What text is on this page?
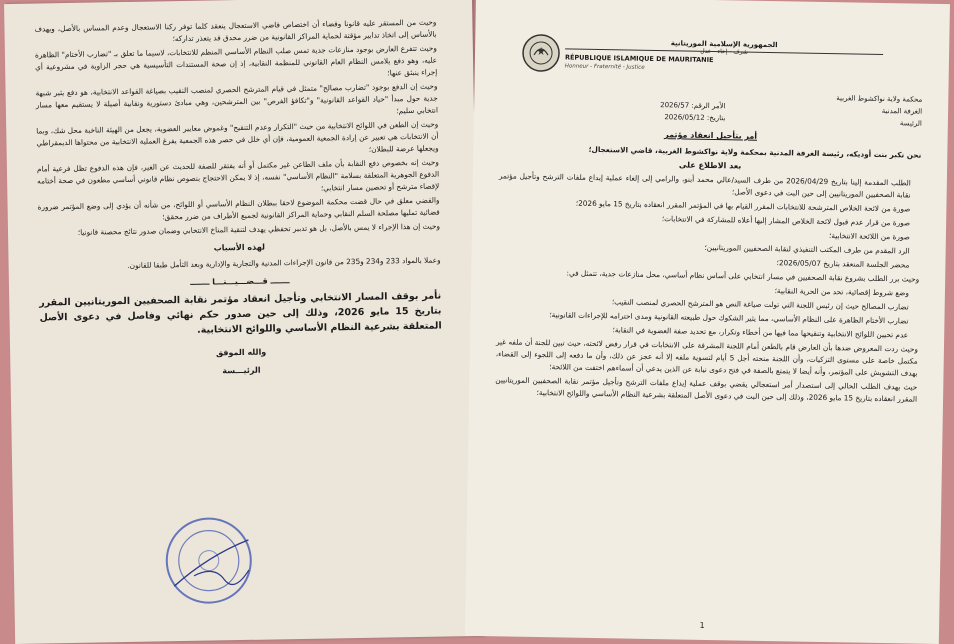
وحيث من المستقر عليه قانونا وقضاء أن اختصاص قاضي الاستعجال ينعقد كلما توفر ركنا الاستعجال وعدم المساس بالأصل، ويهدف بالأساس إلى اتخاذ تدابير مؤقتة لحماية المراكز القانونية من ضرر محدق قد يتعذر تداركه؛

وحيث تتفرع العارض بوجود منازعات جدية تمس صلب النظام الأساسي المنظم للانتخابات، لاسيما ما تعلق بـ "تضارب الأختام" الظاهرة عليه، وهو دفع يلامس النظام العام القانوني للمنظمة النقابية، إذ إن صحة المستندات التأسيسية هي حجر الزاوية في مشروعية أي إجراء ينبثق عنها؛

وحيث إن الدفع بوجود "تضارب مصالح" متمثل في قيام المترشح الحصري لمنصب النقيب بصياغة القواعد الانتخابية، هو دفع يثير شبهة جدية حول مبدأ "حياد القواعد القانونية" و"تكافؤ الفرص" بين المترشحين، وهي مبادئ دستورية ونقابية أصيلة لا يستقيم معها مسار انتخابي سليم؛

وحيث إن الطعن في اللوائح الانتخابية من حيث "التكرار وعدم التنقيح" وغموض معايير العضوية، يجعل من الهيئة الناخبة محل شك، وبما أن الانتخابات هي تعبير عن إرادة الجمعية العمومية، فإن أي خلل في حصر هذه الجمعية يفرغ العملية الانتخابية من محتواها الديمقراطي ويجعلها عرضة للبطلان؛

وحيث إنه بخصوص دفع النقابة بأن ملف الطاعن غير مكتمل أو أنه يفتقر للصفة للحديث عن الغير، فإن هذه الدفوع تظل فرعية أمام الدفوع الجوهرية المتعلقة بسلامة "النظام الأساسي" نفسه، إذ لا يمكن الاحتجاج بنصوص نظام قانوني أساسي مطعون في صحة أختامه لإقصاء مترشح أو تحصين مسار انتخابي؛

والقضي معلق في حال قضت محكمة الموضوع لاحقا ببطلان النظام الأساسي أو اللوائح، من شأنه أن يؤدي إلى وضع المؤتمر ضرورة قضائية تمليها مصلحة السلم النقابي وحماية المراكز القانونية لجميع الأطراف من ضرر محقق؛

وحيث إن هذا الإجراء لا يمس بالأصل، بل هو تدبير تحفظي يهدف لتنقية المناخ الانتخابي وضمان صدور نتائج محصنة قانونيا؛

لهذه الأسباب

وعملا بالمواد 233 و234 و235 من قانون الإجراءات المدنية والتجارية والإدارية وبعد التأمل طبقا للقانون.

ـــــــ قـــضـــيـــنـــا ـــــــ

نأمر بوقف المسار الانتخابي وتأجيل انعقاد مؤتمر نقابة الصحفيين الموريتانيين المقرر بتاريخ 15 مايو 2026، وذلك إلى حين صدور حكم نهائي وفاصل في دعوى الأصل المتعلقة بشرعية النظام الأساسي واللوائح الانتخابية.

والله الموفق
الرئيـــسة
الجمهورية الإسلامية الموريتانية
شرف - إخاء - عدل
RÉPUBLIQUE ISLAMIQUE DE MAURITANIE
Honneur - Fraternité - Justice
محكمة ولاية نواكشوط الغربية
الغرفة المدنية
الرئيسة
الأمر الرقم: 2026/57
بتاريخ: 2026/05/12
أمر بتأجيل انعقاد مؤتمر

نحن تكبر بنت أوديكه، رئيسة الغرفة المدنية بمحكمة ولاية نواكشوط الغربية، قاضي الاستعجال؛

بعد الاطلاع على

الطلب المقدمة إلينا بتاريخ 2026/04/29 من طرف السيد/عالي محمد أبنو، والرامي إلى إلغاء عملية إيداع ملفات الترشح وتأجيل مؤتمر نقابة الصحفيين الموريتانيين إلى حين البت في دعوى الأصل؛

صورة من لائحة الخلاص المترشحة للانتخابات المقرر القيام بها في المؤتمر المقرر انعقاده بتاريخ 15 مايو 2026؛

صورة من قرار عدم قبول لائحة الخلاص المشار إليها أعلاه للمشاركة في الانتخابات؛

صورة من اللائحة الانتخابية؛

الرد المقدم من طرف المكتب التنفيذي لنقابة الصحفيين الموريتانيين؛

محضر الجلسة المنعقد بتاريخ 2026/05/07؛

وحيث برر الطلب بشروع نقابة الصحفيين في مسار انتخابي على أساس نظام أساسي، محل منازعات جدية، تتمثل في:

وضع شروط إقصائية، تحد من الحرية النقابية؛

تضارب المصالح حيث إن رئيس اللجنة التي تولت صياغة النص هو المترشح الحصري لمنصب النقيب؛

تضارب الأختام الظاهرة على النظام الأساسي، مما يثير الشكوك حول طبيعته القانونية ومدى احترامه للإجراءات القانونية؛

عدم تحيين اللوائح الانتخابية وتنقيحها مما فيها من أخطاء وتكرار، مع تحديد صفة العضوية في النقابة؛

وحيث ردت المعروض ضدها بأن العارض قام بالطعن أمام اللجنة المشرفة على الانتخابات في قرار رفض لائحته، حيث تبين للجنة أن ملفه غير مكتمل خاصة على مستوى التزكيات، وأن اللجنة منحته أجل 5 أيام لتسوية ملفه إلا أنه عجز عن ذلك، وأن ما دفعه إلى اللجوء إلى القضاء، بهدف التشويش على المؤتمر، وأنه أيضا لا يتمتع بالصفة في فتح دعوى نيابة عن الذين يدعي أن أسماءهم اختفت من اللائحة؛

حيث يهدف الطلب الحالي إلى استصدار أمر استعجالي يقضي بوقف عملية إيداع ملفات الترشح وتأجيل مؤتمر نقابة الصحفيين الموريتانيين المقرر انعقاده بتاريخ 15 مايو 2026، وذلك إلى حين البت في دعوى الأصل المتعلقة بشرعية النظام الأساسي واللوائح الانتخابية؛

1
